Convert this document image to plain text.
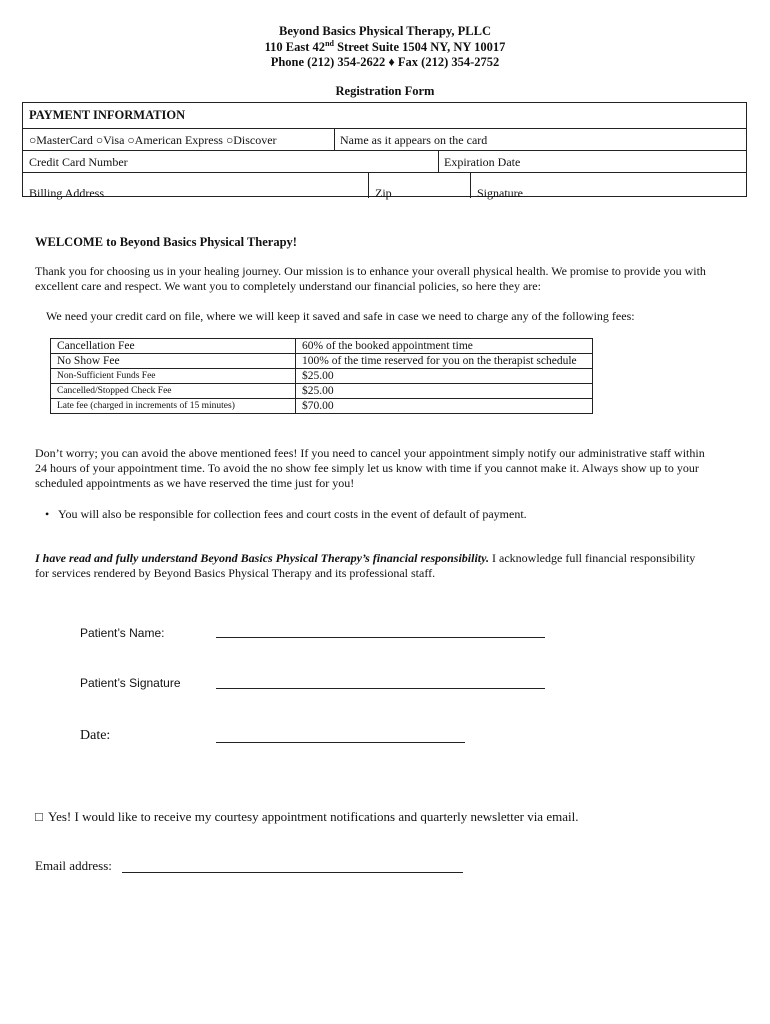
Beyond Basics Physical Therapy, PLLC
110 East 42nd Street Suite 1504 NY, NY 10017
Phone (212) 354-2622 ♦ Fax (212) 354-2752
Registration Form
PAYMENT INFORMATION
○MasterCard ○Visa ○American Express ○Discover	Name as it appears on the card
Credit Card Number	Expiration Date
Billing Address	Zip	Signature
WELCOME to Beyond Basics Physical Therapy!
Thank you for choosing us in your healing journey. Our mission is to enhance your overall physical health. We promise to provide you with
excellent care and respect. We want you to completely understand our financial policies, so here they are:
We need your credit card on file, where we will keep it saved and safe in case we need to charge any of the following fees:
Cancellation Fee	60% of the booked appointment time
No Show Fee	100% of the time reserved for you on the therapist schedule
Non-Sufficient Funds Fee	$25.00
Cancelled/Stopped Check Fee	$25.00
Late fee (charged in increments of 15 minutes)	$70.00
Don’t worry; you can avoid the above mentioned fees! If you need to cancel your appointment simply notify our administrative staff within
24 hours of your appointment time. To avoid the no show fee simply let us know with time if you cannot make it. Always show up to your
scheduled appointments as we have reserved the time just for you!
• You will also be responsible for collection fees and court costs in the event of default of payment.
I have read and fully understand Beyond Basics Physical Therapy’s financial responsibility. I acknowledge full financial responsibility
for services rendered by Beyond Basics Physical Therapy and its professional staff.
Patient’s Name:
Patient’s Signature
Date:
□ Yes! I would like to receive my courtesy appointment notifications and quarterly newsletter via email.
Email address:
